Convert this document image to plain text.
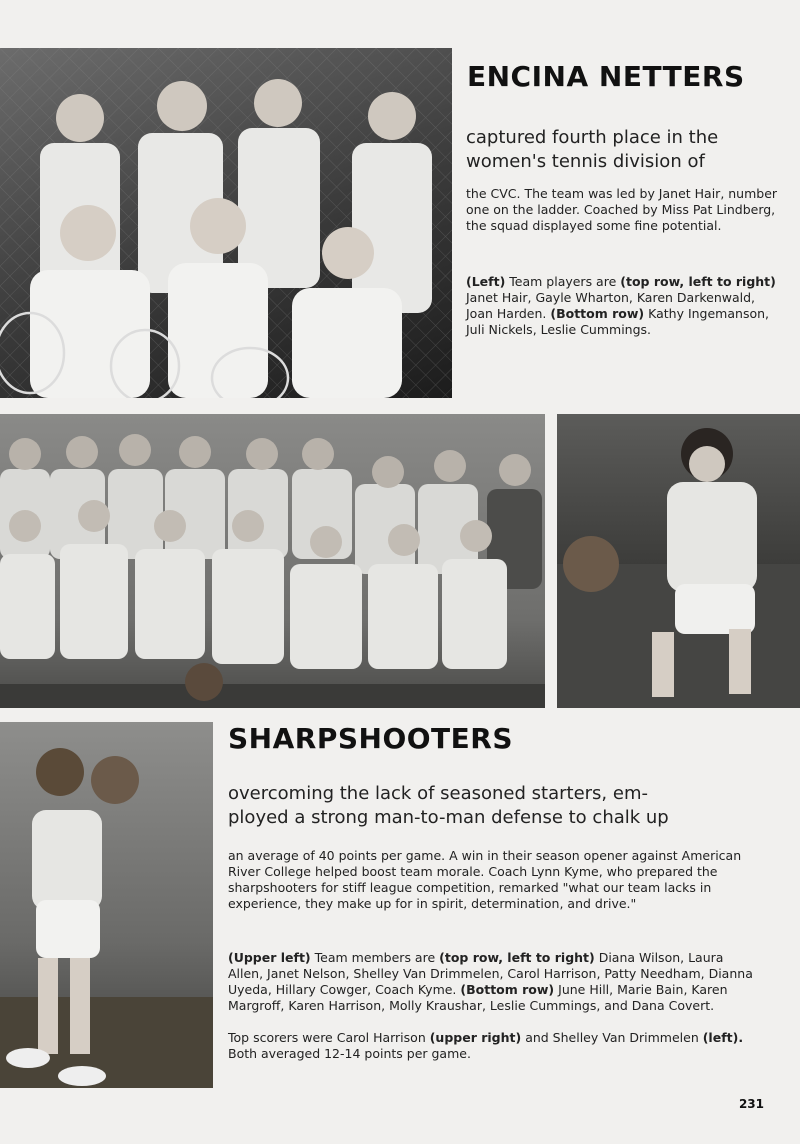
ENCINA NETTERS
captured fourth place in the women's tennis division of

the CVC. The team was led by Janet Hair, number one on the ladder. Coached by Miss Pat Lindberg, the squad displayed some fine potential.

(Left) Team players are (top row, left to right) Janet Hair, Gayle Wharton, Karen Darkenwald, Joan Harden. (Bottom row) Kathy Ingemanson, Juli Nickels, Leslie Cummings.

SHARPSHOOTERS
overcoming the lack of seasoned starters, em-
ployed a strong man-to-man defense to chalk up

an average of 40 points per game. A win in their season opener against American River College helped boost team morale. Coach Lynn Kyme, who prepared the sharpshooters for stiff league competition, remarked "what our team lacks in experience, they make up for in spirit, determination, and drive."

(Upper left) Team members are (top row, left to right) Diana Wilson, Laura Allen, Janet Nelson, Shelley Van Drimmelen, Carol Harrison, Patty Needham, Dianna Uyeda, Hillary Cowger, Coach Kyme. (Bottom row) June Hill, Marie Bain, Karen Margroff, Karen Harrison, Molly Kraushar, Leslie Cummings, and Dana Covert.

Top scorers were Carol Harrison (upper right) and Shelley Van Drimmelen (left). Both averaged 12-14 points per game.

231
